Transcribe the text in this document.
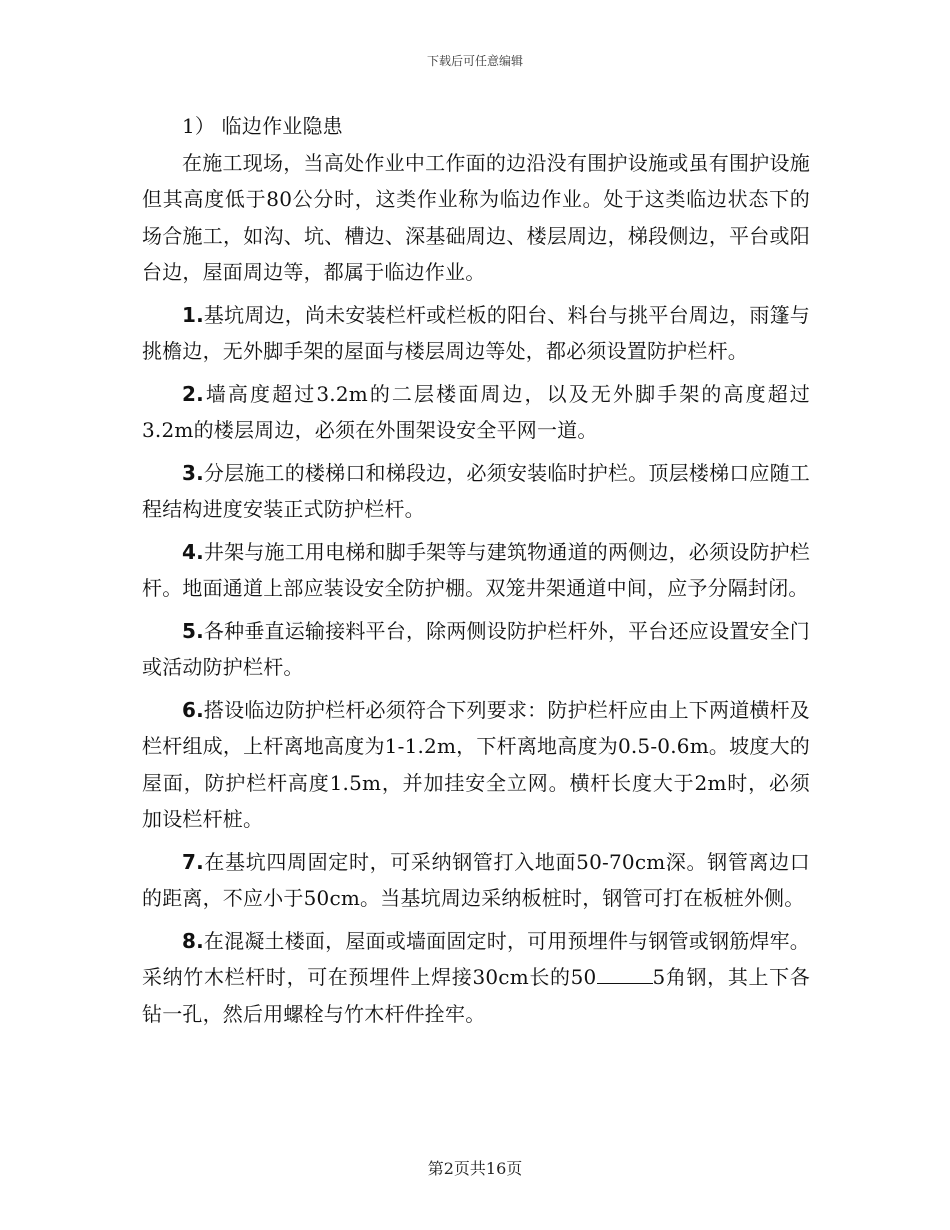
下载后可任意编辑

1） 临边作业隐患

在施工现场，当高处作业中工作面的边沿没有围护设施或虽有围护设施但其高度低于80公分时，这类作业称为临边作业。处于这类临边状态下的场合施工，如沟、坑、槽边、深基础周边、楼层周边，梯段侧边，平台或阳台边，屋面周边等，都属于临边作业。

1.基坑周边，尚未安装栏杆或栏板的阳台、料台与挑平台周边，雨篷与挑檐边，无外脚手架的屋面与楼层周边等处，都必须设置防护栏杆。

2.墙高度超过3.2m的二层楼面周边，以及无外脚手架的高度超过3.2m的楼层周边，必须在外围架设安全平网一道。

3.分层施工的楼梯口和梯段边，必须安装临时护栏。顶层楼梯口应随工程结构进度安装正式防护栏杆。

4.井架与施工用电梯和脚手架等与建筑物通道的两侧边，必须设防护栏杆。地面通道上部应装设安全防护棚。双笼井架通道中间，应予分隔封闭。

5.各种垂直运输接料平台，除两侧设防护栏杆外，平台还应设置安全门或活动防护栏杆。

6.搭设临边防护栏杆必须符合下列要求：防护栏杆应由上下两道横杆及栏杆组成，上杆离地高度为1-1.2m，下杆离地高度为0.5-0.6m。坡度大的屋面，防护栏杆高度1.5m，并加挂安全立网。横杆长度大于2m时，必须加设栏杆桩。

7.在基坑四周固定时，可采纳钢管打入地面50-70cm深。钢管离边口的距离，不应小于50cm。当基坑周边采纳板桩时，钢管可打在板桩外侧。

8.在混凝土楼面，屋面或墙面固定时，可用预埋件与钢管或钢筋焊牢。采纳竹木栏杆时，可在预埋件上焊接30cm长的50	5角钢，其上下各钻一孔，然后用螺栓与竹木杆件拴牢。

第2页共16页
